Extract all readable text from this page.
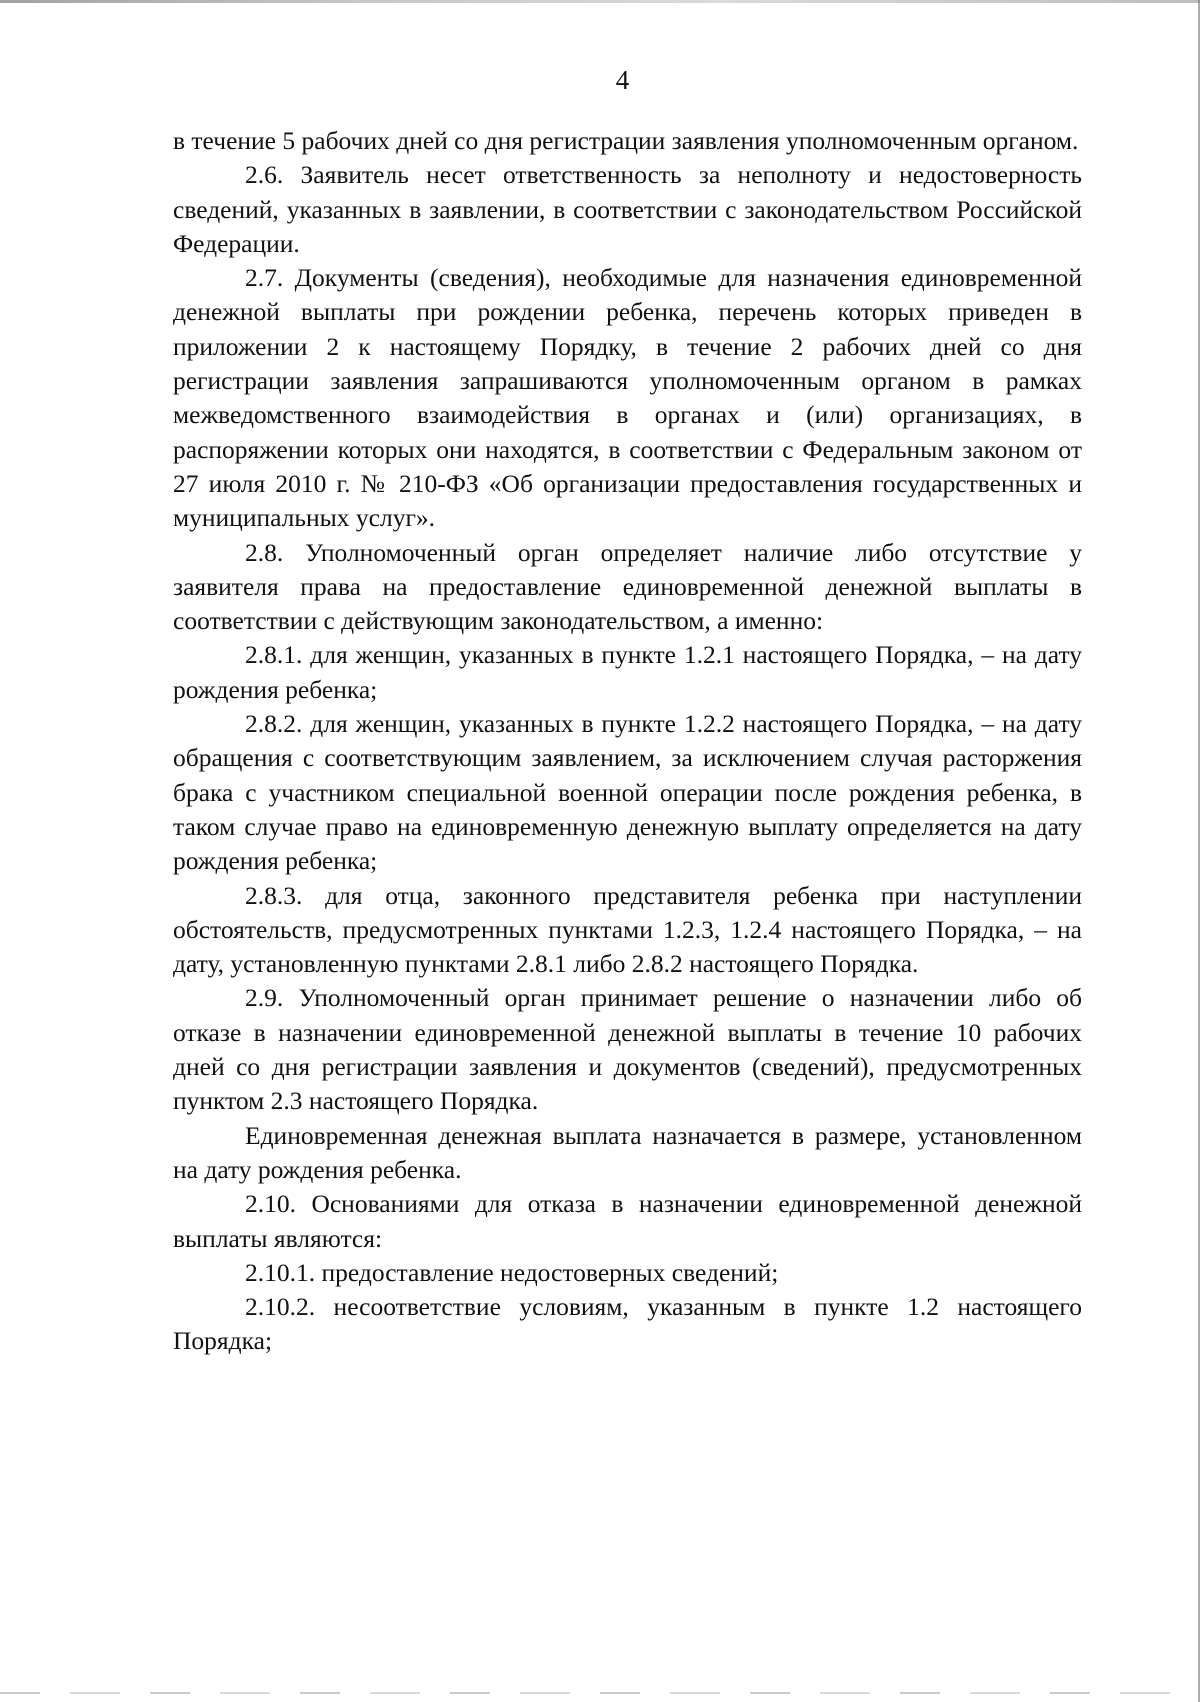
4

в течение 5 рабочих дней со дня регистрации заявления уполномоченным органом.

2.6. Заявитель несет ответственность за неполноту и недостоверность сведений, указанных в заявлении, в соответствии с законодательством Российской Федерации.

2.7. Документы (сведения), необходимые для назначения единовременной денежной выплаты при рождении ребенка, перечень которых приведен в приложении 2 к настоящему Порядку, в течение 2 рабочих дней со дня регистрации заявления запрашиваются уполномоченным органом в рамках межведомственного взаимодействия в органах и (или) организациях, в распоряжении которых они находятся, в соответствии с Федеральным законом от 27 июля 2010 г. № 210-ФЗ «Об организации предоставления государственных и муниципальных услуг».

2.8. Уполномоченный орган определяет наличие либо отсутствие у заявителя права на предоставление единовременной денежной выплаты в соответствии с действующим законодательством, а именно:

2.8.1. для женщин, указанных в пункте 1.2.1 настоящего Порядка, – на дату рождения ребенка;

2.8.2. для женщин, указанных в пункте 1.2.2 настоящего Порядка, – на дату обращения с соответствующим заявлением, за исключением случая расторжения брака с участником специальной военной операции после рождения ребенка, в таком случае право на единовременную денежную выплату определяется на дату рождения ребенка;

2.8.3. для отца, законного представителя ребенка при наступлении обстоятельств, предусмотренных пунктами 1.2.3, 1.2.4 настоящего Порядка, – на дату, установленную пунктами 2.8.1 либо 2.8.2 настоящего Порядка.

2.9. Уполномоченный орган принимает решение о назначении либо об отказе в назначении единовременной денежной выплаты в течение 10 рабочих дней со дня регистрации заявления и документов (сведений), предусмотренных пунктом 2.3 настоящего Порядка.

Единовременная денежная выплата назначается в размере, установленном на дату рождения ребенка.

2.10. Основаниями для отказа в назначении единовременной денежной выплаты являются:

2.10.1. предоставление недостоверных сведений;

2.10.2. несоответствие условиям, указанным в пункте 1.2 настоящего Порядка;
